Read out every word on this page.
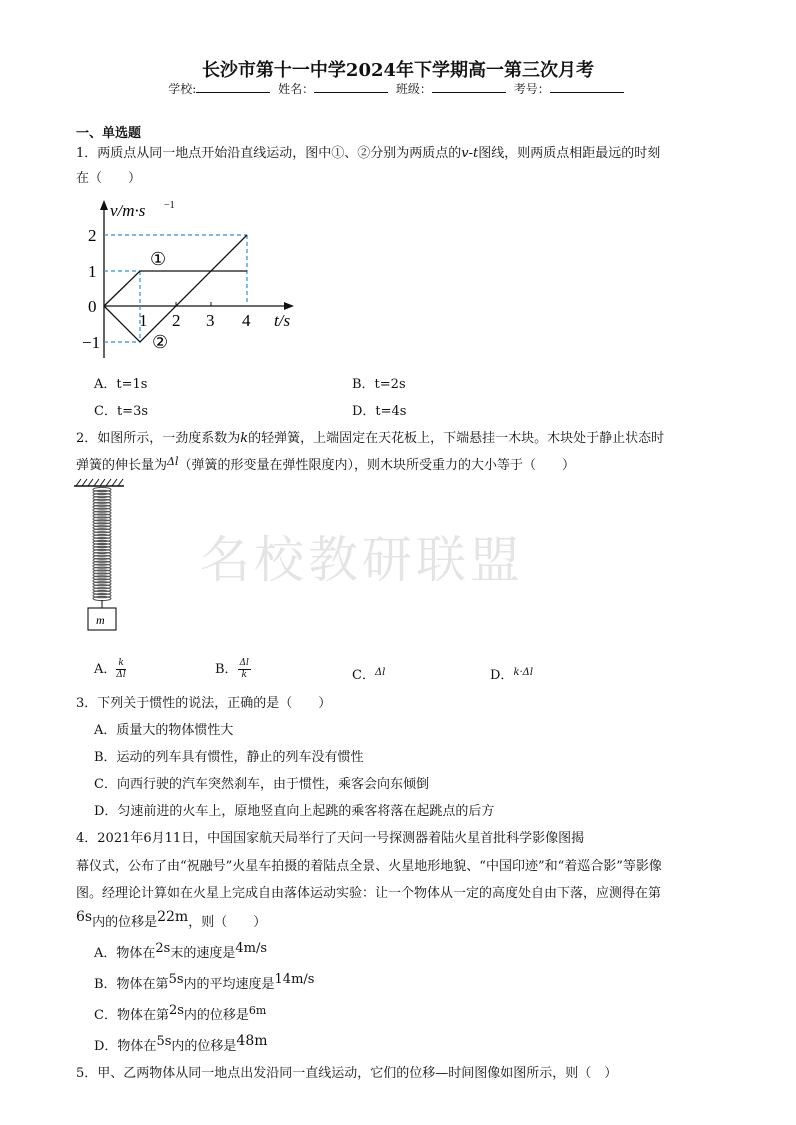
长沙市第十一中学2024年下学期高一第三次月考
学校:	姓名：	班级：	考号：
一、单选题
名校教研联盟
1．两质点从同一地点开始沿直线运动，图中①、②分别为两质点的v-t图线，则两质点相距最远的时刻
在（　　）
v/m·s −1
2
1
0
−1
1 2 3 4 t/s
①
②
A．t=1s	B．t=2s
C．t=3s	D．t=4s
2．如图所示，一劲度系数为k的轻弹簧，上端固定在天花板上，下端悬挂一木块。木块处于静止状态时
弹簧的伸长量为$^{\Delta l}$（弹簧的形变量在弹性限度内），则木块所受重力的大小等于（　　）
m
A． $\frac{k}{\Delta l}$	B． $\frac{\Delta l}{k}$	C．$^{\Delta l}$	D．$^{k\cdot\Delta l}$
3．下列关于惯性的说法，正确的是（　　）
A．质量大的物体惯性大
B．运动的列车具有惯性，静止的列车没有惯性
C．向西行驶的汽车突然刹车，由于惯性，乘客会向东倾倒
D．匀速前进的火车上，原地竖直向上起跳的乘客将落在起跳点的后方
4．2021年6月11日，中国国家航天局举行了天问一号探测器着陆火星首批科学影像图揭
幕仪式，公布了由“祝融号”火星车拍摄的着陆点全景、火星地形地貌、“中国印迹”和“着巡合影”等影像
图。经理论计算如在火星上完成自由落体运动实验：让一个物体从一定的高度处自由下落，应测得在第
6s内的位移是22m，则（　　）
A．物体在2s末的速度是4m/s
B．物体在第5s内的平均速度是14m/s
C．物体在第2s内的位移是$^{6m}$
D．物体在5s内的位移是48m
5．甲、乙两物体从同一地点出发沿同一直线运动，它们的位移—时间图像如图所示，则（　）
